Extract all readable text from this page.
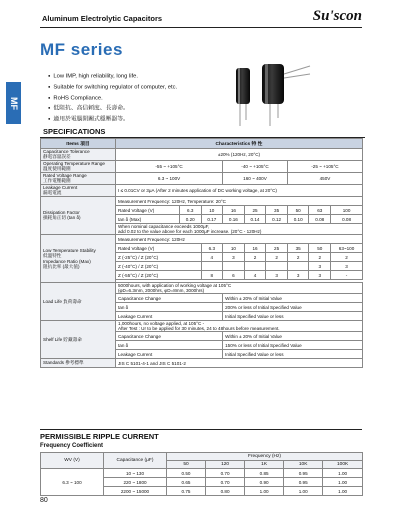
Aluminum Electrolytic Capacitors	Su'scon
MF series
MF
● Low IMP, high reliability, long life.
● Suitable for switching regulator of computer, etc.
● RoHS Compliance.
● 低阻抗、高信頼度、長壽命。
● 適用於電腦開關式穩壓器等。
SPECIFICATIONS
Items 項目	Characteristics 特 性								
Capacitance Tolerance
靜電容量誤差	±20% (120Hz, 20°C)								
Operating Temperature Range
溫度使用範圍	-55 ~ +105°C			-40 ~ +105°C			-25 ~ +105°C		
Rated Voltage Range
工作電壓範圍	6.3 ~ 100V			160 ~ 400V			450V		
Leakage Current
漏電電流	I ≤ 0.01CV or 3μA (After 2 minutes application of DC working voltage, at 20°C)								
Dissipation Factor
損耗角正切 (tan δ)	Measurement Frequency: 120Hz, Temperature: 20°C								
	Rated Voltage (V)	6.3	10	16	25	35	50	63	100
	tan δ (Max)	0.20	0.17	0.16	0.14	0.12	0.10	0.08	0.08
	When nominal capacitance exceeds 1000μF,
add 0.02 to the value above for each 1000μF increase. (20°C - 120Hz)								
Low Temperature Stability
低溫特性
Impedance Ratio (Max)
阻抗比率 (最大值)	Measurement Frequency: 120Hz								
	Rated Voltage (V)		6.3	10	16	25	35	50	63~100
	Z (-25°C) / Z (20°C)		4	3	2	2	2	2	2
	Z (-40°C) / Z (20°C)							3	3
	Z (-55°C) / Z (20°C)		8	6	4	3	3	3	-

Load Life 負荷壽命	5000hours, with application of working voltage at 105°C
(φD=6.3mm, 2000hrs, φD=8mm, 3000hrs)								
	Capacitance Change			Within ± 20% of Initial Value					
	tan δ			200% or less of Initial Specified Value					
	Leakage Current			Initial Specified Value or less					
Shelf Life 貯藏壽命	1,000hours, no voltage applied, at 105°C -
After Test : Ur to be applied for 30 minutes, 24 to 48hours before measurement.								
	Capacitance Change			Within ± 20% of Initial Value					
	tan δ			150% or less of Initial Specified Value					
	Leakage Current			Initial Specified Value or less					
Standards 參考標準	JIS C 5101-4-1 and JIS C 5101-2								
PERMISSIBLE RIPPLE CURRENT
Frequency Coefficient
WV (V)	Capacitance (μF)	Frequency (Hz)				
		50	120	1K	10K	100K
6.3 ~ 100	10 ~ 130	0.50	0.70	0.85	0.95	1.00
	220 ~ 1800	0.65	0.70	0.90	0.95	1.00
	2200 ~ 15000	0.75	0.80	1.00	1.00	1.00
80
